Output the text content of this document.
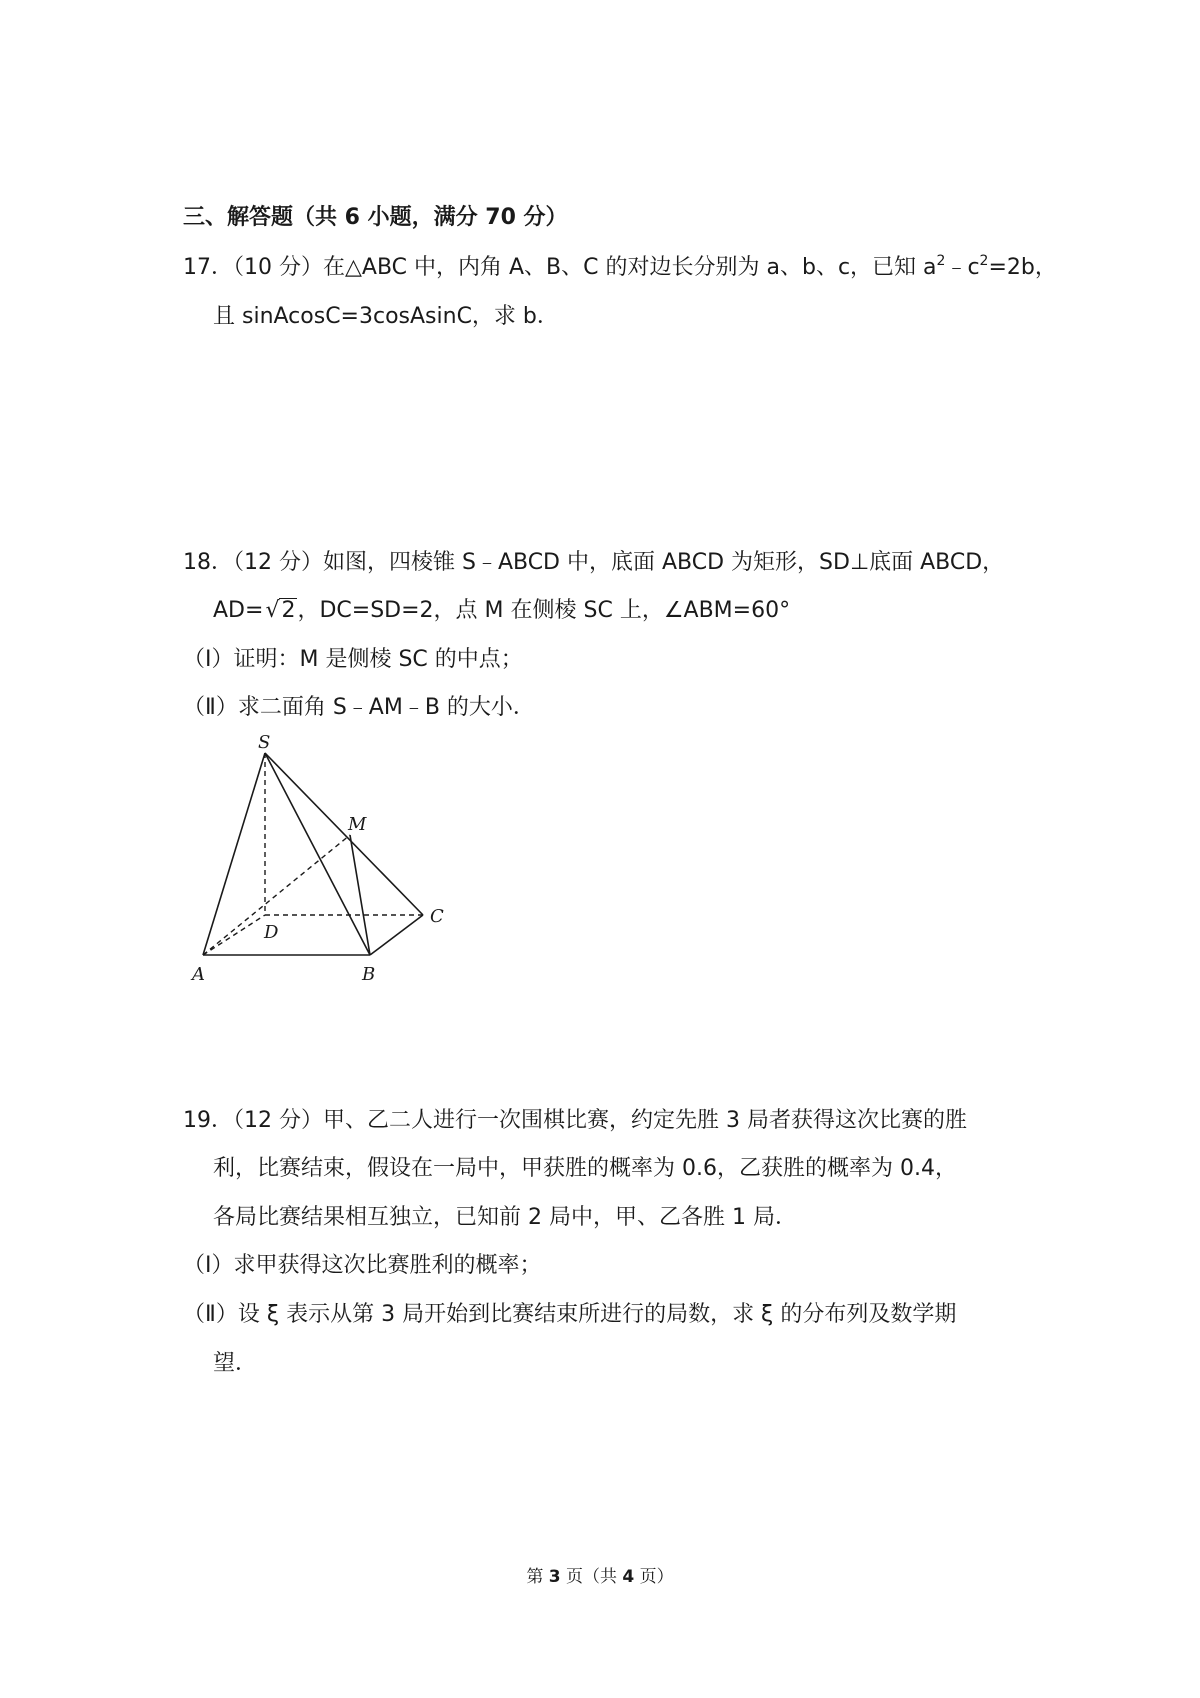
三、解答题（共 6 小题，满分 70 分）
17．（10 分）在△ABC 中，内角 A、B、C 的对边长分别为 a、b、c，已知 $a^2﹣c^2=2b$，
且 sinAcosC=3cosAsinC，求 b．
18．（12 分）如图，四棱锥 S﹣ABCD 中，底面 ABCD 为矩形，SD⊥底面 ABCD，
AD=√2，DC=SD=2，点 M 在侧棱 SC 上，∠ABM=60°
（Ⅰ）证明：M 是侧棱 SC 的中点；
（Ⅱ）求二面角 S﹣AM﹣B 的大小．
S
M
C
D
A	B
19．（12 分）甲、乙二人进行一次围棋比赛，约定先胜 3 局者获得这次比赛的胜
利，比赛结束，假设在一局中，甲获胜的概率为 0.6，乙获胜的概率为 0.4，
各局比赛结果相互独立，已知前 2 局中，甲、乙各胜 1 局．
（Ⅰ）求甲获得这次比赛胜利的概率；
（Ⅱ）设 ξ 表示从第 3 局开始到比赛结束所进行的局数，求 ξ 的分布列及数学期
望．
第 3 页（共 4 页）
